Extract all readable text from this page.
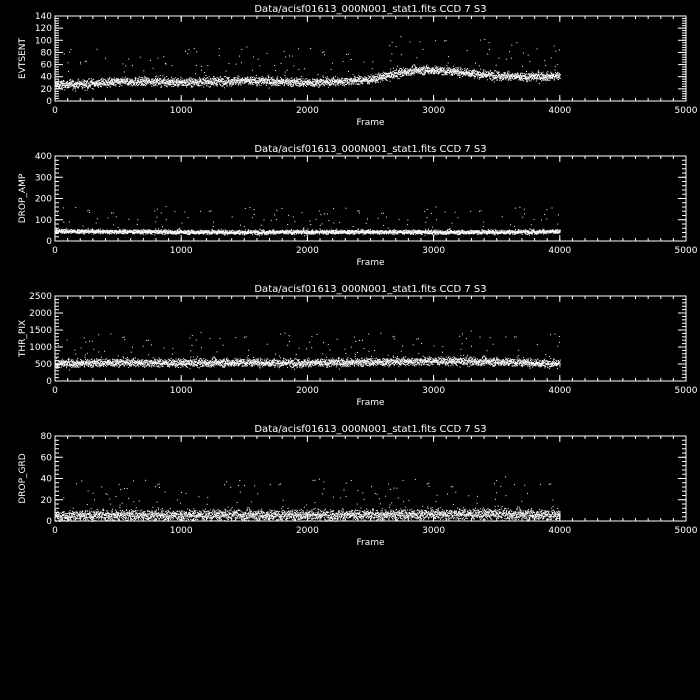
Data/acisf01613_000N001_stat1.fits CCD 7 S3
0	1000	2000	3000	4000	5000
0
20
40
60
80
100
120
140
Frame
EVTSENT
Data/acisf01613_000N001_stat1.fits CCD 7 S3
0	1000	2000	3000	4000	5000
0
100
200
300
400
Frame
DROP_AMP
Data/acisf01613_000N001_stat1.fits CCD 7 S3
0	1000	2000	3000	4000	5000
0
500
1000
1500
2000
2500
Frame
THR_PIX
Data/acisf01613_000N001_stat1.fits CCD 7 S3
0	1000	2000	3000	4000	5000
0
20
40
60
80
Frame
DROP_GRD
